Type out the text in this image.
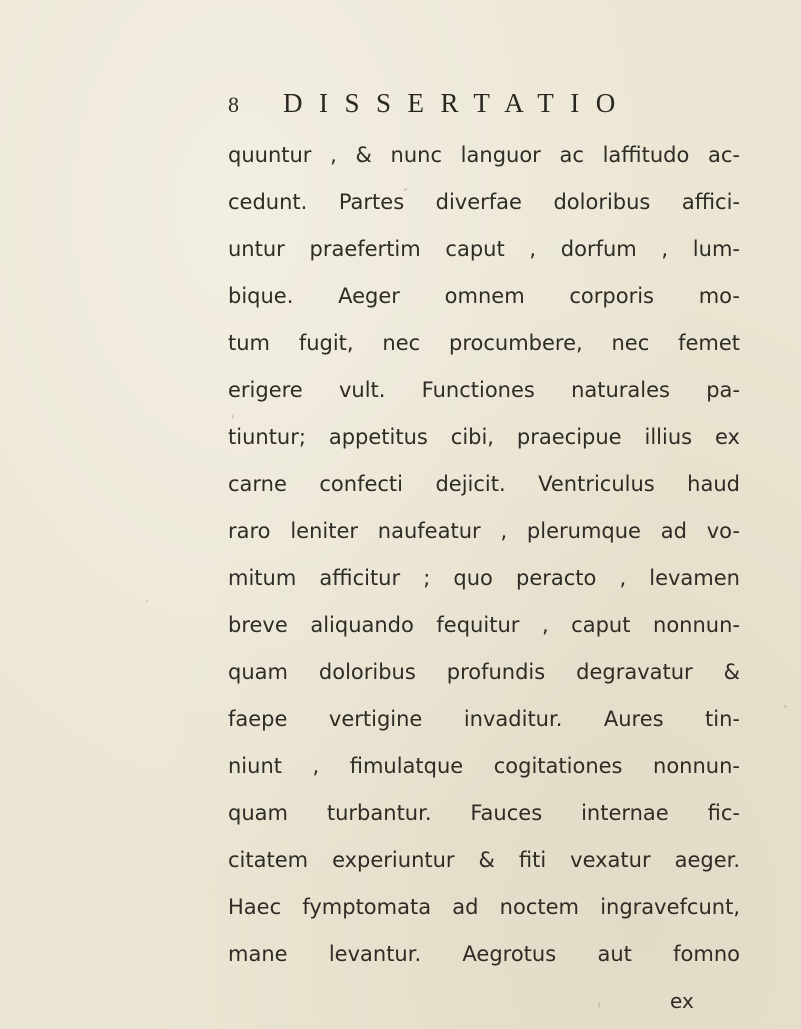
8 DISSERTATIO
quuntur , & nunc languor ac laffitudo ac-
cedunt. Partes diverfae doloribus affici-
untur praefertim caput , dorfum , lum-
bique. Aeger omnem corporis mo-
tum fugit, nec procumbere, nec femet
erigere vult. Functiones naturales pa-
tiuntur; appetitus cibi, praecipue illius ex
carne confecti dejicit. Ventriculus haud
raro leniter naufeatur , plerumque ad vo-
mitum afficitur ; quo peracto , levamen
breve aliquando fequitur , caput nonnun-
quam doloribus profundis degravatur &
faepe vertigine invaditur. Aures tin-
niunt , fimulatque cogitationes nonnun-
quam turbantur. Fauces internae fic-
citatem experiuntur & fiti vexatur aeger.
Haec fymptomata ad noctem ingravefcunt,
mane levantur. Aegrotus aut fomno
ex
